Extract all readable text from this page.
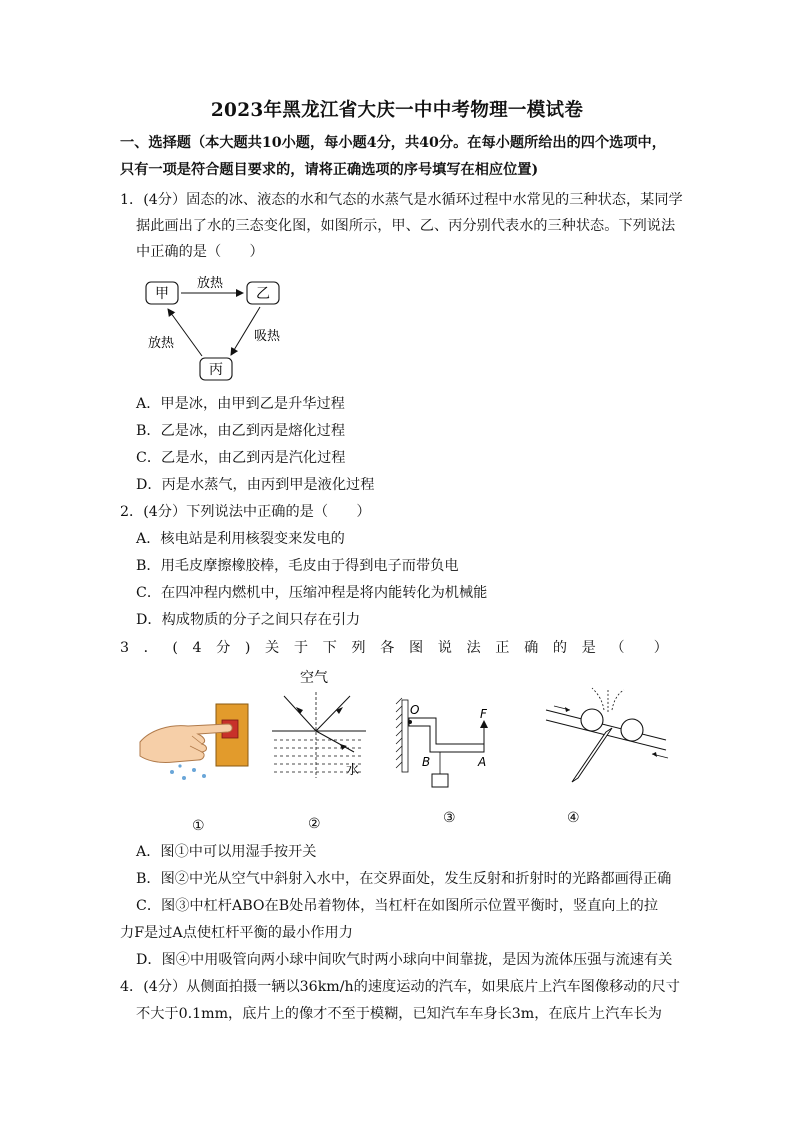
2023年黑龙江省大庆一中中考物理一模试卷
一、选择题（本大题共10小题，每小题4分，共40分。在每小题所给出的四个选项中，
只有一项是符合题目要求的，请将正确选项的序号填写在相应位置)
1．(4分）固态的冰、液态的水和气态的水蒸气是水循环过程中水常见的三种状态，某同学
据此画出了水的三态变化图，如图所示，甲、乙、丙分别代表水的三种状态。下列说法
中正确的是（　　）
甲	乙
丙
放热
吸热
放热
A．甲是冰，由甲到乙是升华过程
B．乙是冰，由乙到丙是熔化过程
C．乙是水，由乙到丙是汽化过程
D．丙是水蒸气，由丙到甲是液化过程
2．(4分）下列说法中正确的是（　　）
A．核电站是利用核裂变来发电的
B．用毛皮摩擦橡胶棒，毛皮由于得到电子而带负电
C．在四冲程内燃机中，压缩冲程是将内能转化为机械能
D．构成物质的分子之间只存在引力
3 ． ( 4 分 ) 关 于 下 列 各 图 说 法 正 确 的 是 （ ）
空气
水
O	F
B	A
①	②	③	④
A．图①中可以用湿手按开关
B．图②中光从空气中斜射入水中，在交界面处，发生反射和折射时的光路都画得正确
C．图③中杠杆ABO在B处吊着物体，当杠杆在如图所示位置平衡时，竖直向上的拉
力F是过A点使杠杆平衡的最小作用力
D．图④中用吸管向两小球中间吹气时两小球向中间靠拢，是因为流体压强与流速有关
4．(4分）从侧面拍摄一辆以36km/h的速度运动的汽车，如果底片上汽车图像移动的尺寸
不大于0.1mm，底片上的像才不至于模糊，已知汽车车身长3m，在底片上汽车长为
